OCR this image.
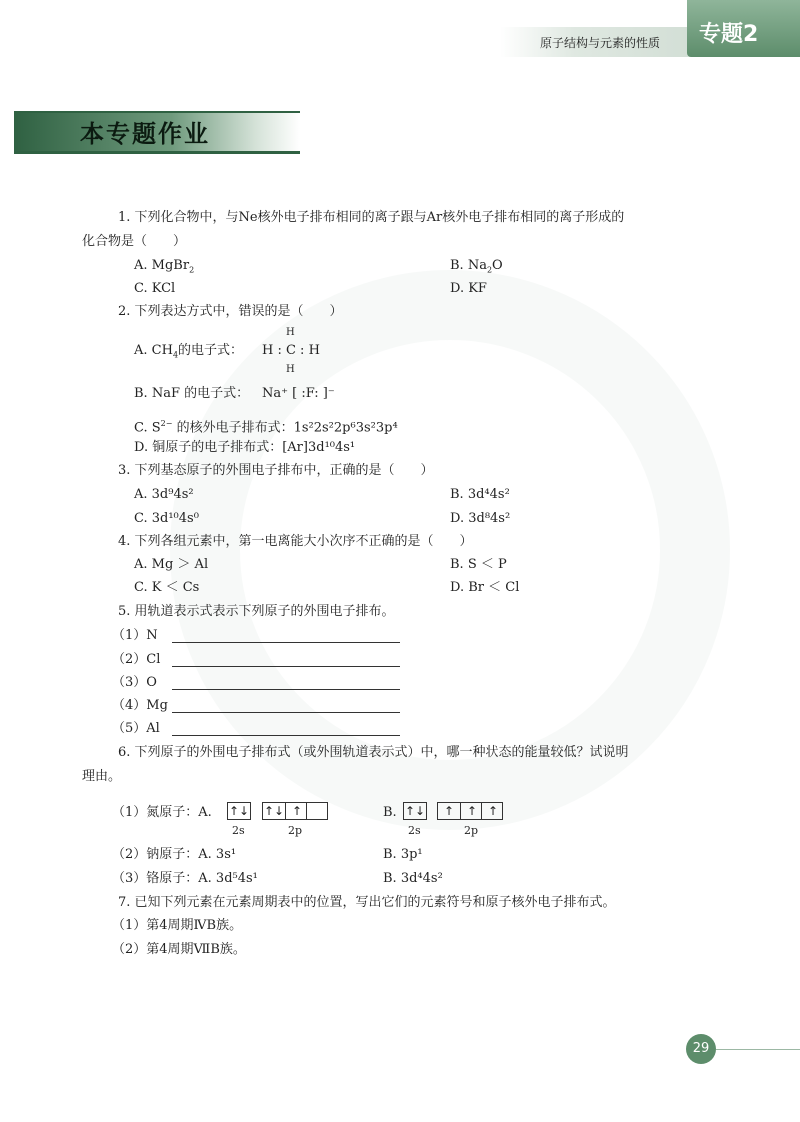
原子结构与元素的性质 专题2
本专题作业
1. 下列化合物中，与Ne核外电子排布相同的离子跟与Ar核外电子排布相同的离子形成的
化合物是（　　）
A. MgBr$_2$	B. $Na_2O$
C. KCl	D. KF
2. 下列表达方式中，错误的是（　　）
H
A. $CH_4$的电子式： H : C : H
H
B. NaF 的电子式： Na⁺ [ :F: ]⁻
C. $S^{2-}$ 的核外电子排布式：1s²2s²2p⁶3s²3p⁴
D. 铜原子的电子排布式：[Ar]3d¹⁰4s¹
3. 下列基态原子的外围电子排布中，正确的是（　　）
A. 3d⁹4s²	B. 3d⁴4s²
C. 3d¹⁰4s⁰	D. 3d⁸4s²
4. 下列各组元素中，第一电离能大小次序不正确的是（　　）
A. Mg ＞ Al	B. S ＜ P
C. K ＜ Cs	D. Br ＜ Cl
5. 用轨道表示式表示下列原子的外围电子排布。
（1）N
（2）Cl
（3）O
（4）Mg
（5）Al
6. 下列原子的外围电子排布式（或外围轨道表示式）中，哪一种状态的能量较低？试说明
理由。
（1）氮原子：A. ↑↓ ↑↓ ↑
2s	2p
B. ↑↓	↑	↑ ↑
2s	2p
（2）钠原子：A. 3s¹	B. 3p¹
（3）铬原子：A. 3d⁵4s¹	B. 3d⁴4s²
7. 已知下列元素在元素周期表中的位置，写出它们的元素符号和原子核外电子排布式。
（1）第4周期ⅣB族。
（2）第4周期ⅦB族。
29
